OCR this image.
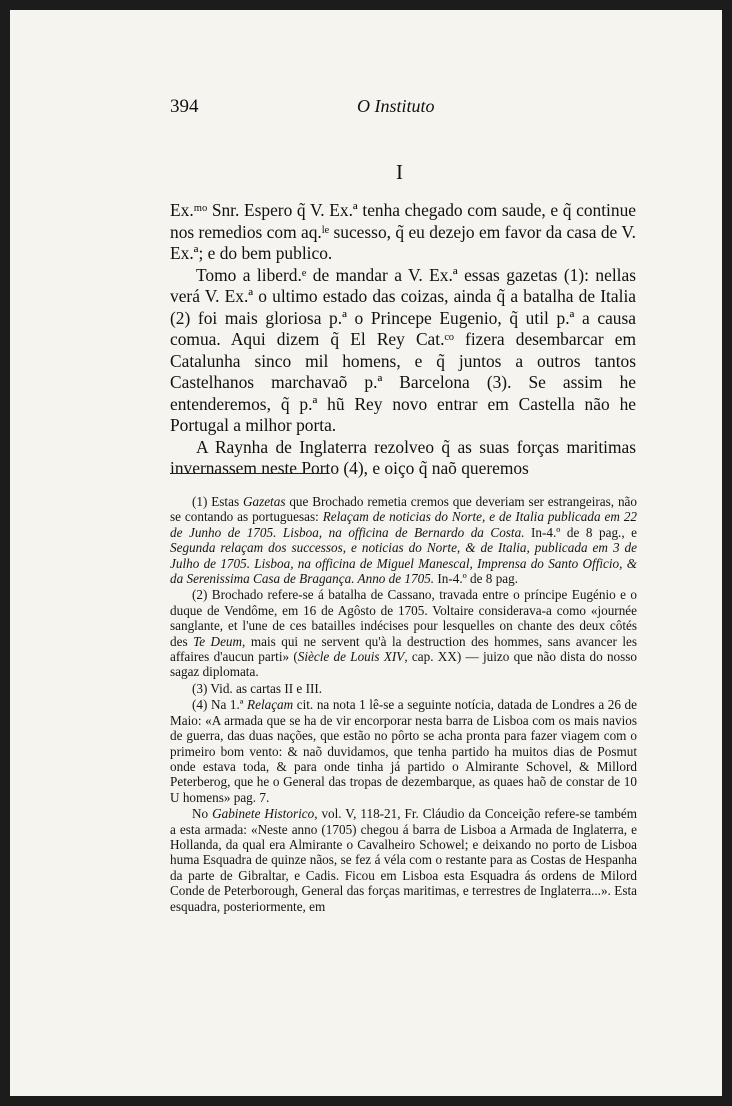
394	O Instituto
I

Ex.ᵐᵒ Snr. Espero q̃ V. Ex.ª tenha chegado com saude, e q̃ continue nos remedios com aq.ˡᵉ sucesso, q̃ eu dezejo em favor da casa de V. Ex.ª; e do bem publico.

Tomo a liberd.ᵉ de mandar a V. Ex.ª essas gazetas (1): nellas verá V. Ex.ª o ultimo estado das coizas, ainda q̃ a batalha de Italia (2) foi mais gloriosa p.ª o Princepe Eugenio, q̃ util p.ª a causa comua. Aqui dizem q̃ El Rey Cat.ᶜᵒ fizera desembarcar em Catalunha sinco mil homens, e q̃ juntos a outros tantos Castelhanos marchavaõ p.ª Barcelona (3). Se assim he entenderemos, q̃ p.ª hũ Rey novo entrar em Castella não he Portugal a milhor porta.

A Raynha de Inglaterra rezolveo q̃ as suas forças maritimas invernassem neste Porto (4), e oiço q̃ naõ queremos

(1) Estas Gazetas que Brochado remetia cremos que deveriam ser estrangeiras, não se contando as portuguesas: Relaçam de noticias do Norte, e de Italia publicada em 22 de Junho de 1705. Lisboa, na officina de Bernardo da Costa. In-4.º de 8 pag., e Segunda relaçam dos successos, e noticias do Norte, & de Italia, publicada em 3 de Julho de 1705. Lisboa, na officina de Miguel Manescal, Imprensa do Santo Officio, & da Serenissima Casa de Bragança. Anno de 1705. In-4.º de 8 pag.

(2) Brochado refere-se á batalha de Cassano, travada entre o príncipe Eugénio e o duque de Vendôme, em 16 de Agôsto de 1705. Voltaire considerava-a como «journée sanglante, et l'une de ces batailles indécises pour lesquelles on chante des deux côtés des Te Deum, mais qui ne servent qu'à la destruction des hommes, sans avancer les affaires d'aucun parti» (Siècle de Louis XIV, cap. XX) — juizo que não dista do nosso sagaz diplomata.

(3) Vid. as cartas II e III.

(4) Na 1.ª Relaçam cit. na nota 1 lê-se a seguinte notícia, datada de Londres a 26 de Maio: «A armada que se ha de vir encorporar nesta barra de Lisboa com os mais navios de guerra, das duas nações, que estão no pôrto se acha pronta para fazer viagem com o primeiro bom vento: & naõ duvidamos, que tenha partido ha muitos dias de Posmut onde estava toda, & para onde tinha já partido o Almirante Schovel, & Millord Peterberog, que he o General das tropas de dezembarque, as quaes haõ de constar de 10 U homens» pag. 7.

No Gabinete Historico, vol. V, 118-21, Fr. Cláudio da Conceição refere-se também a esta armada: «Neste anno (1705) chegou á barra de Lisboa a Armada de Inglaterra, e Hollanda, da qual era Almirante o Cavalheiro Schowel; e deixando no porto de Lisboa huma Esquadra de quinze nãos, se fez á véla com o restante para as Costas de Hespanha da parte de Gibraltar, e Cadis. Ficou em Lisboa esta Esquadra ás ordens de Milord Conde de Peterborough, General das forças maritimas, e terrestres de Inglaterra...». Esta esquadra, posteriormente, em
